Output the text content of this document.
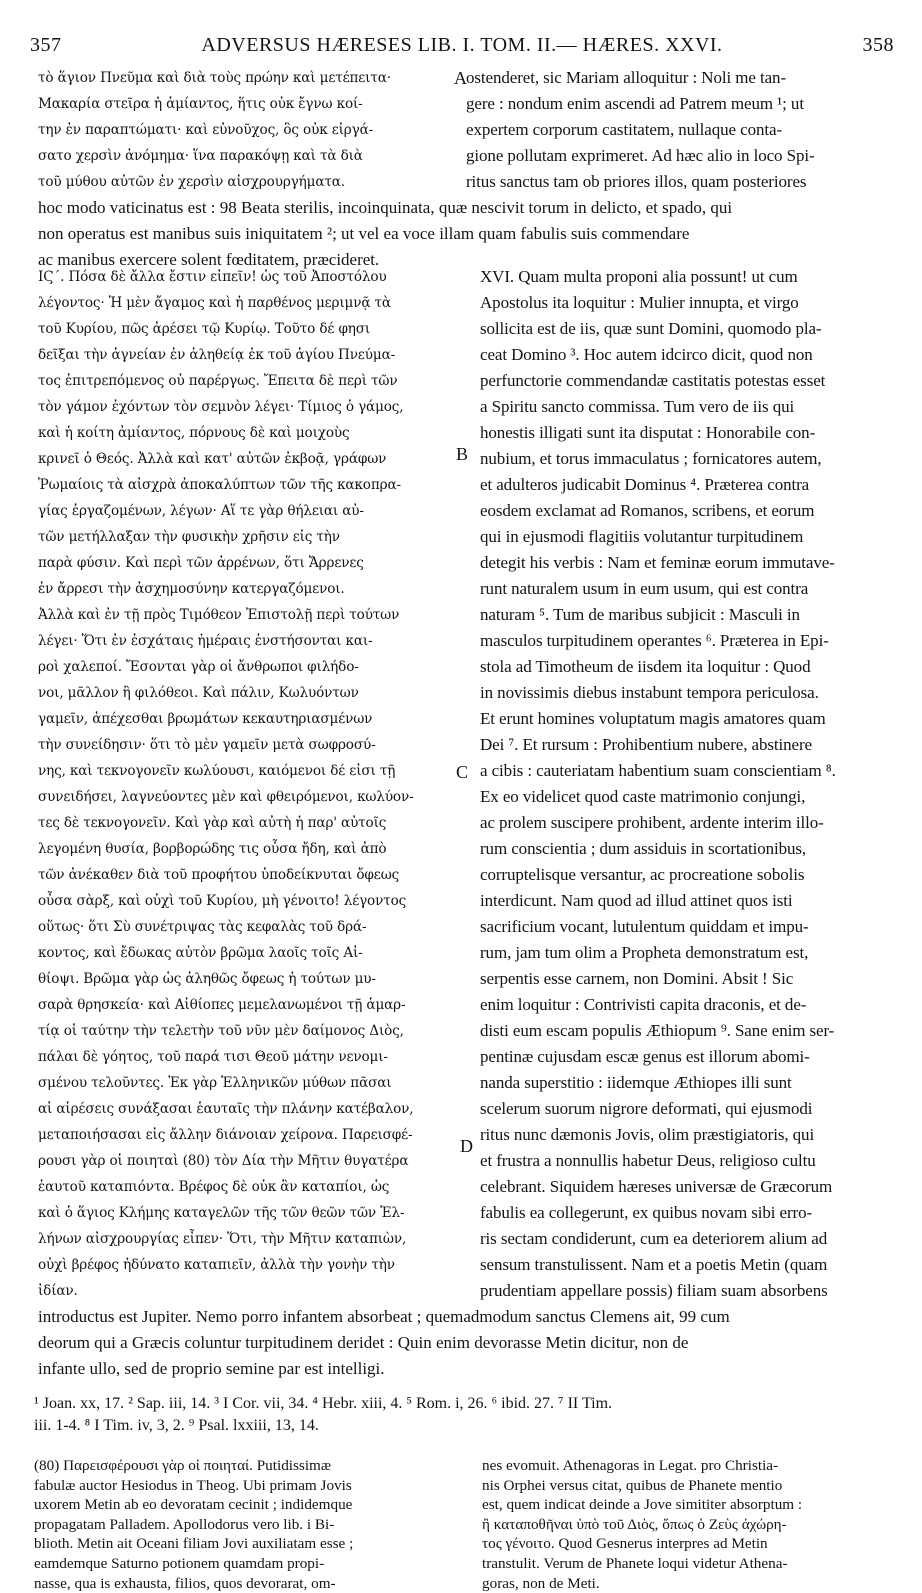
357	ADVERSUS HÆRESES LIB. I. TOM. II.— HÆRES. XXVI.	358
τὸ ἅγιον Πνεῦμα καὶ διὰ τοὺς πρώην καὶ μετέπειτα·
Μακαρία στεῖρα ἡ ἀμίαντος, ἥτις οὐκ ἔγνω κοί-
την ἐν παραπτώματι· καὶ εὐνοῦχος, ὃς οὐκ εἰργά-
σατο χερσὶν ἀνόμημα· ἵνα παρακόψῃ καὶ τὰ διὰ
τοῦ μύθου αὐτῶν ἐν χερσὶν αἰσχρουργήματα.
ostenderet, sic Mariam alloquitur : Noli me tan-
gere : nondum enim ascendi ad Patrem meum ¹; ut
expertem corporum castitatem, nullaque conta-
gione pollutam exprimeret. Ad hæc alio in loco Spi-
ritus sanctus tam ob priores illos, quam posteriores
hoc modo vaticinatus est : 98 Beata sterilis, incoinquinata, quæ nescivit torum in delicto, et spado, qui
non operatus est manibus suis iniquitatem ²; ut vel ea voce illam quam fabulis suis commendare
ac manibus exercere solent fœditatem, præcideret.
ΙϚ΄. Πόσα δὲ ἄλλα ἔστιν εἰπεῖν! ὡς τοῦ Ἀποστόλου
λέγοντος· Ἡ μὲν ἄγαμος καὶ ἡ παρθένος μεριμνᾷ τὰ
τοῦ Κυρίου, πῶς ἀρέσει τῷ Κυρίῳ. Τοῦτο δέ φησι
δεῖξαι τὴν ἁγνείαν ἐν ἀληθείᾳ ἐκ τοῦ ἁγίου Πνεύμα-
τος ἐπιτρεπόμενος οὐ παρέργως. Ἔπειτα δὲ περὶ τῶν
τὸν γάμον ἐχόντων τὸν σεμνὸν λέγει· Τίμιος ὁ γάμος,
καὶ ἡ κοίτη ἀμίαντος, πόρνους δὲ καὶ μοιχοὺς
κρινεῖ ὁ Θεός. Ἀλλὰ καὶ κατ' αὐτῶν ἐκβοᾷ, γράφων
Ῥωμαίοις τὰ αἰσχρὰ ἀποκαλύπτων τῶν τῆς κακοπρα-
γίας ἐργαζομένων, λέγων· Αἵ τε γὰρ θήλειαι αὐ-
τῶν μετήλλαξαν τὴν φυσικὴν χρῆσιν εἰς τὴν
παρὰ φύσιν. Καὶ περὶ τῶν ἀρρένων, ὅτι Ἄρρενες
ἐν ἄρρεσι τὴν ἀσχημοσύνην κατεργαζόμενοι.
Ἀλλὰ καὶ ἐν τῇ πρὸς Τιμόθεον Ἐπιστολῇ περὶ τούτων
λέγει· Ὅτι ἐν ἐσχάταις ἡμέραις ἐνστήσονται και-
ροὶ χαλεποί. Ἔσονται γὰρ οἱ ἄνθρωποι φιλήδο-
νοι, μᾶλλον ἢ φιλόθεοι. Καὶ πάλιν, Κωλυόντων
γαμεῖν, ἀπέχεσθαι βρωμάτων κεκαυτηριασμένων
τὴν συνείδησιν· ὅτι τὸ μὲν γαμεῖν μετὰ σωφροσύ-
νης, καὶ τεκνογονεῖν κωλύουσι, καιόμενοι δέ εἰσι τῇ
συνειδήσει, λαγνεύοντες μὲν καὶ φθειρόμενοι, κωλύον-
τες δὲ τεκνογονεῖν. Καὶ γὰρ καὶ αὐτὴ ἡ παρ' αὐτοῖς
λεγομένη θυσία, βορβορώδης τις οὖσα ἤδη, καὶ ἀπὸ
τῶν ἀνέκαθεν διὰ τοῦ προφήτου ὑποδείκνυται ὄφεως
οὖσα σὰρξ, καὶ οὐχὶ τοῦ Κυρίου, μὴ γένοιτο! λέγοντος
οὕτως· ὅτι Σὺ συνέτριψας τὰς κεφαλὰς τοῦ δρά-
κοντος, καὶ ἔδωκας αὐτὸν βρῶμα λαοῖς τοῖς Αἰ-
θίοψι. Βρῶμα γὰρ ὡς ἀληθῶς ὄφεως ἡ τούτων μυ-
σαρὰ θρησκεία· καὶ Αἰθίοπες μεμελανωμένοι τῇ ἁμαρ-
τίᾳ οἱ ταύτην τὴν τελετὴν τοῦ νῦν μὲν δαίμονος Διὸς,
πάλαι δὲ γόητος, τοῦ παρά τισι Θεοῦ μάτην νενομι-
σμένου τελοῦντες. Ἐκ γὰρ Ἑλληνικῶν μύθων πᾶσαι
αἱ αἱρέσεις συνάξασαι ἑαυταῖς τὴν πλάνην κατέβαλον,
μεταποιήσασαι εἰς ἄλλην διάνοιαν χείρονα. Παρεισφέ-
ρουσι γὰρ οἱ ποιηταὶ (80) τὸν Δία τὴν Μῆτιν θυγατέρα
ἑαυτοῦ καταπιόντα. Βρέφος δὲ οὐκ ἂν καταπίοι, ὡς
καὶ ὁ ἅγιος Κλήμης καταγελῶν τῆς τῶν θεῶν τῶν Ἑλ-
λήνων αἰσχρουργίας εἶπεν· Ὅτι, τὴν Μῆτιν καταπιὼν,
οὐχὶ βρέφος ἠδύνατο καταπιεῖν, ἀλλὰ τὴν γονὴν τὴν
ἰδίαν.
XVI. Quam multa proponi alia possunt! ut cum
Apostolus ita loquitur : Mulier innupta, et virgo
sollicita est de iis, quæ sunt Domini, quomodo pla-
ceat Domino ³. Hoc autem idcirco dicit, quod non
perfunctorie commendandæ castitatis potestas esset
a Spiritu sancto commissa. Tum vero de iis qui
honestis illigati sunt ita disputat : Honorabile con-
nubium, et torus immaculatus ; fornicatores autem,
et adulteros judicabit Dominus ⁴. Præterea contra
eosdem exclamat ad Romanos, scribens, et eorum
qui in ejusmodi flagitiis volutantur turpitudinem
detegit his verbis : Nam et feminæ eorum immutave-
runt naturalem usum in eum usum, qui est contra
naturam ⁵. Tum de maribus subjicit : Masculi in
masculos turpitudinem operantes ⁶. Præterea in Epi-
stola ad Timotheum de iisdem ita loquitur : Quod
in novissimis diebus instabunt tempora periculosa.
Et erunt homines voluptatum magis amatores quam
Dei ⁷. Et rursum : Prohibentium nubere, abstinere
a cibis : cauteriatam habentium suam conscientiam ⁸.
Ex eo videlicet quod caste matrimonio conjungi,
ac prolem suscipere prohibent, ardente interim illo-
rum conscientia ; dum assiduis in scortationibus,
corruptelisque versantur, ac procreatione sobolis
interdicunt. Nam quod ad illud attinet quos isti
sacrificium vocant, lutulentum quiddam et impu-
rum, jam tum olim a Propheta demonstratum est,
serpentis esse carnem, non Domini. Absit ! Sic
enim loquitur : Contrivisti capita draconis, et de-
disti eum escam populis Æthiopum ⁹. Sane enim ser-
pentinæ cujusdam escæ genus est illorum abomi-
nanda superstitio : iidemque Æthiopes illi sunt
scelerum suorum nigrore deformati, qui ejusmodi
ritus nunc dæmonis Jovis, olim præstigiatoris, qui
et frustra a nonnullis habetur Deus, religioso cultu
celebrant. Siquidem hæreses universæ de Græcorum
fabulis ea collegerunt, ex quibus novam sibi erro-
ris sectam condiderunt, cum ea deteriorem alium ad
sensum transtulissent. Nam et a poetis Metin (quam
prudentiam appellare possis) filiam suam absorbens
introductus est Jupiter. Nemo porro infantem absorbeat ; quemadmodum sanctus Clemens ait, 99 cum
deorum qui a Græcis coluntur turpitudinem deridet : Quin enim devorasse Metin dicitur, non de
infante ullo, sed de proprio semine par est intelligi.
A
B
C
D
¹ Joan. xx, 17. ² Sap. iii, 14. ³ I Cor. vii, 34. ⁴ Hebr. xiii, 4. ⁵ Rom. i, 26. ⁶ ibid. 27. ⁷ II Tim.
iii. 1-4. ⁸ I Tim. iv, 3, 2. ⁹ Psal. lxxiii, 13, 14.
(80) Παρεισφέρουσι γὰρ οἱ ποιηταί. Putidissimæ
fabulæ auctor Hesiodus in Theog. Ubi primam Jovis
uxorem Metin ab eo devoratam cecinit ; indidemque
propagatam Palladem. Apollodorus vero lib. i Bi-
blioth. Metin ait Oceani filiam Jovi auxiliatam esse ;
eamdemque Saturno potionem quamdam propi-
nasse, qua is exhausta, filios, quos devorarat, om-
nes evomuit. Athenagoras in Legat. pro Christia-
nis Orphei versus citat, quibus de Phanete mentio
est, quem indicat deinde a Jove simititer absorptum :
ἢ καταποθῆναι ὑπὸ τοῦ Διὸς, ὅπως ὁ Ζεὺς ἀχώρη-
τος γένοιτο. Quod Gesnerus interpres ad Metin
transtulit. Verum de Phanete loqui videtur Athena-
goras, non de Meti.
